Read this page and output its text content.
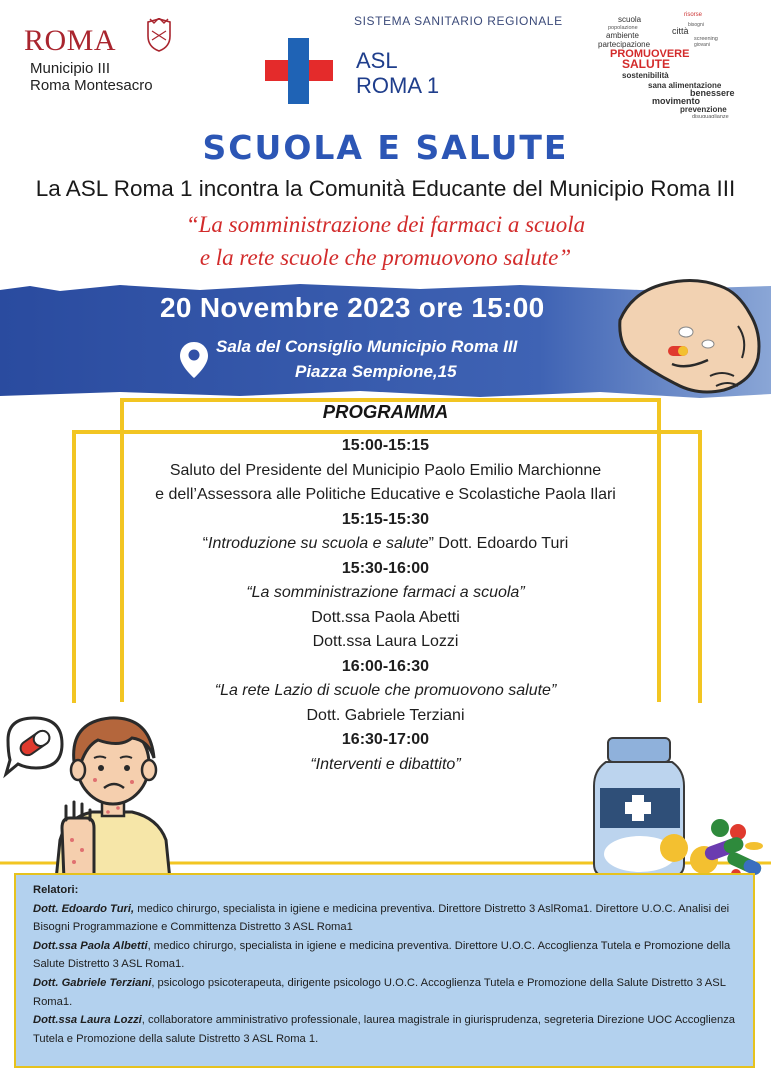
ROMA
Municipio III
Roma Montesacro
SISTEMA SANITARIO REGIONALE
ASL
ROMA 1
risorse
scuola
bisogni
popolazione	città
ambiente	screening
partecipazione	giovani
PROMUOVERE
SALUTE
sostenibilità
sana alimentazione
benessere
movimento
prevenzione
disuguaglianze
SCUOLA E SALUTE
La ASL Roma 1 incontra la Comunità Educante del Municipio Roma III
“La somministrazione dei farmaci a scuola
e la rete scuole che promuovono salute”
20 Novembre 2023 ore 15:00
Sala del Consiglio Municipio Roma III
Piazza Sempione,15
PROGRAMMA
15:00-15:15
Saluto del Presidente del Municipio Paolo Emilio Marchionne
e dell’Assessora alle Politiche Educative e Scolastiche Paola Ilari
15:15-15:30
“Introduzione su scuola e salute” Dott. Edoardo Turi
15:30-16:00
“La somministrazione farmaci a scuola”
Dott.ssa Paola Abetti
Dott.ssa Laura Lozzi
16:00-16:30
“La rete Lazio di scuole che promuovono salute”
Dott. Gabriele Terziani
16:30-17:00
“Interventi e dibattito”
Relatori:
Dott. Edoardo Turi, medico chirurgo, specialista in igiene e medicina preventiva. Direttore Distretto 3 AslRoma1. Direttore U.O.C. Analisi dei Bisogni Programmazione e Committenza Distretto 3 ASL Roma1
Dott.ssa Paola Albetti, medico chirurgo, specialista in igiene e medicina preventiva. Direttore U.O.C. Accoglienza Tutela e Promozione della Salute Distretto 3 ASL Roma1.
Dott. Gabriele Terziani, psicologo psicoterapeuta, dirigente psicologo U.O.C. Accoglienza Tutela e Promozione della Salute Distretto 3 ASL Roma1.
Dott.ssa Laura Lozzi, collaboratore amministrativo professionale, laurea magistrale in giurisprudenza, segreteria Direzione UOC Accoglienza Tutela e Promozione della salute Distretto 3 ASL Roma 1.
